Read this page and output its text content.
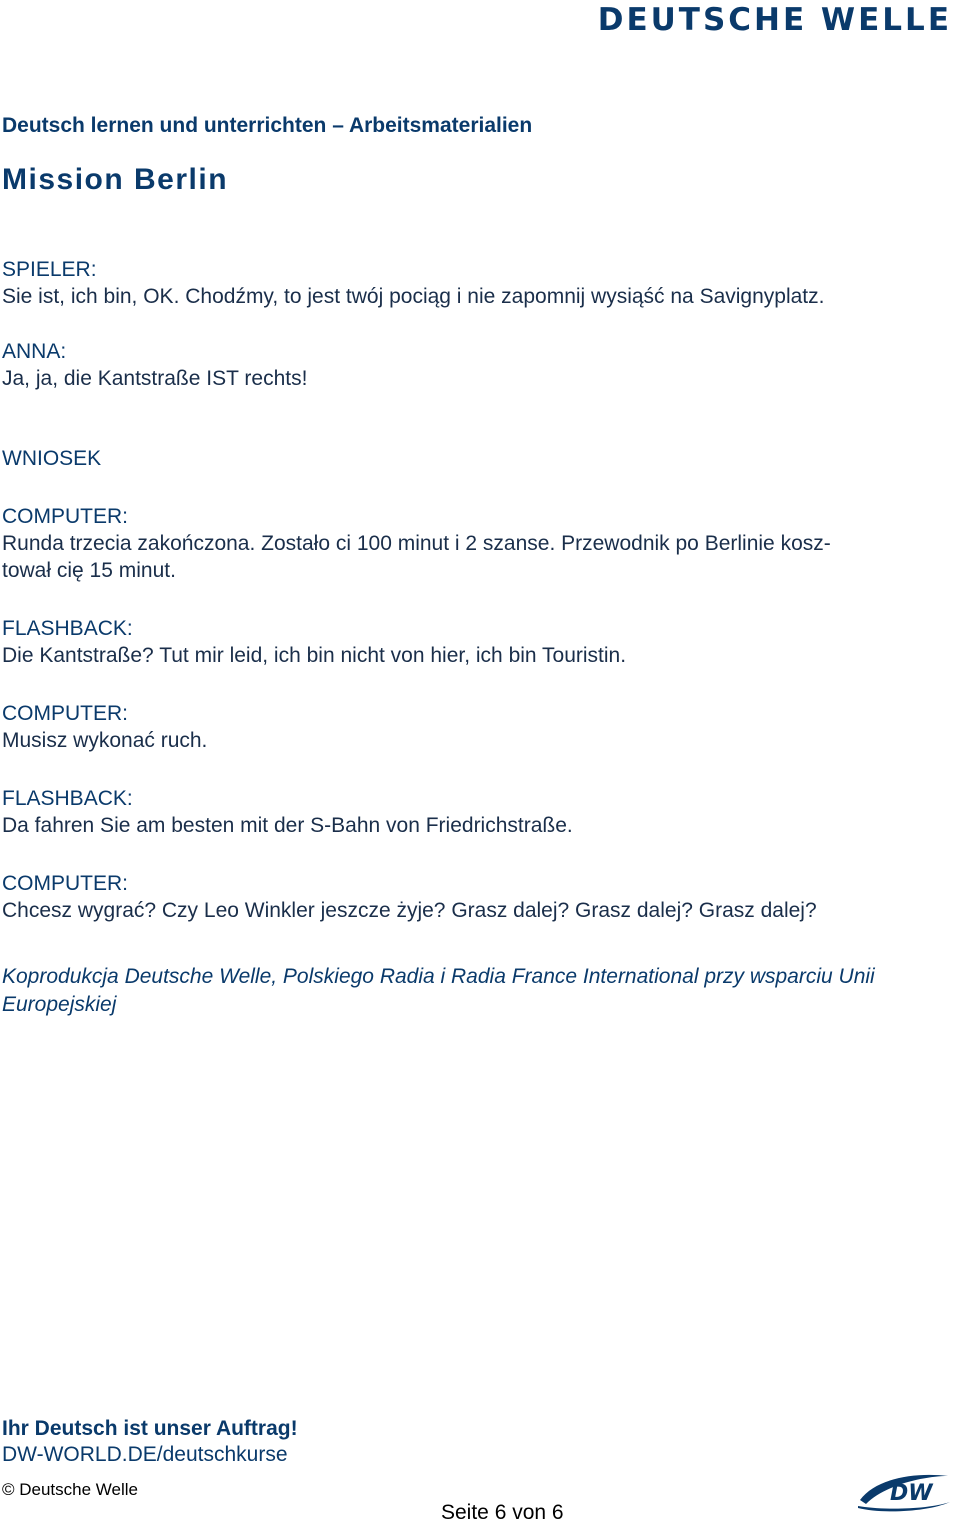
DEUTSCHE WELLE
Deutsch lernen und unterrichten – Arbeitsmaterialien
Mission Berlin
SPIELER:
Sie ist, ich bin, OK. Chodźmy, to jest twój pociąg i nie zapomnij wysiąść na Savignyplatz.
ANNA:
Ja, ja, die Kantstraße IST rechts!
WNIOSEK
COMPUTER:
Runda trzecia zakończona. Zostało ci 100 minut i 2 szanse. Przewodnik po Berlinie kosz-
tował cię 15 minut.
FLASHBACK:
Die Kantstraße? Tut mir leid, ich bin nicht von hier, ich bin Touristin.
COMPUTER:
Musisz wykonać ruch.
FLASHBACK:
Da fahren Sie am besten mit der S-Bahn von Friedrichstraße.
COMPUTER:
Chcesz wygrać? Czy Leo Winkler jeszcze żyje? Grasz dalej? Grasz dalej? Grasz dalej?
Koprodukcja Deutsche Welle, Polskiego Radia i Radia France International przy wsparciu Unii Europejskiej
Ihr Deutsch ist unser Auftrag!
DW-WORLD.DE/deutschkurse
© Deutsche Welle
Seite 6 von 6
DW
